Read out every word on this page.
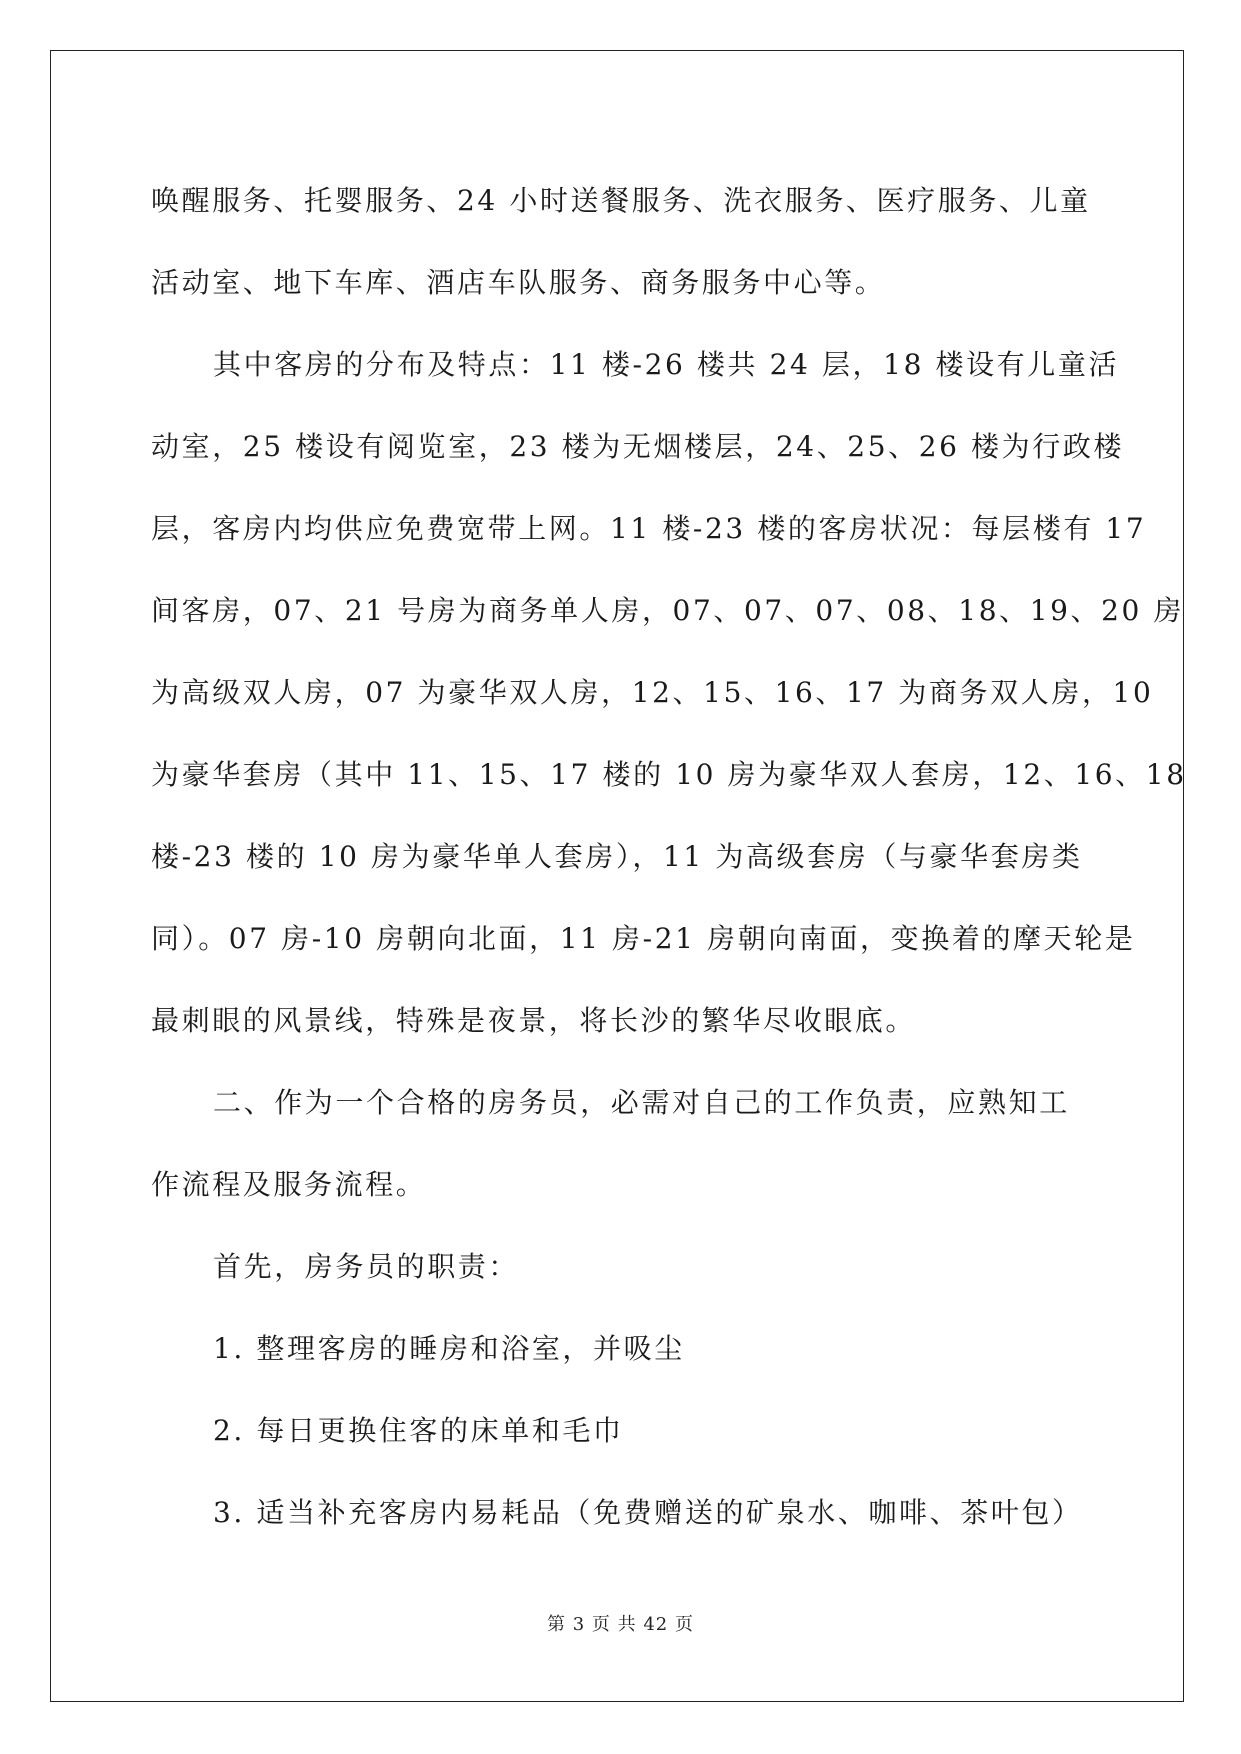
唤醒服务、托婴服务、24 小时送餐服务、洗衣服务、医疗服务、儿童
活动室、地下车库、酒店车队服务、商务服务中心等。
其中客房的分布及特点：11 楼-26 楼共 24 层，18 楼设有儿童活
动室，25 楼设有阅览室，23 楼为无烟楼层，24、25、26 楼为行政楼
层，客房内均供应免费宽带上网。11 楼-23 楼的客房状况：每层楼有 17
间客房，07、21 号房为商务单人房，07、07、07、08、18、19、20 房
为高级双人房，07 为豪华双人房，12、15、16、17 为商务双人房，10
为豪华套房（其中 11、15、17 楼的 10 房为豪华双人套房，12、16、18
楼-23 楼的 10 房为豪华单人套房），11 为高级套房（与豪华套房类
同）。07 房-10 房朝向北面，11 房-21 房朝向南面，变换着的摩天轮是
最刺眼的风景线，特殊是夜景，将长沙的繁华尽收眼底。
二、作为一个合格的房务员，必需对自己的工作负责，应熟知工
作流程及服务流程。
首先，房务员的职责：
1. 整理客房的睡房和浴室，并吸尘
2. 每日更换住客的床单和毛巾
3. 适当补充客房内易耗品（免费赠送的矿泉水、咖啡、茶叶包）
第 3 页 共 42 页
